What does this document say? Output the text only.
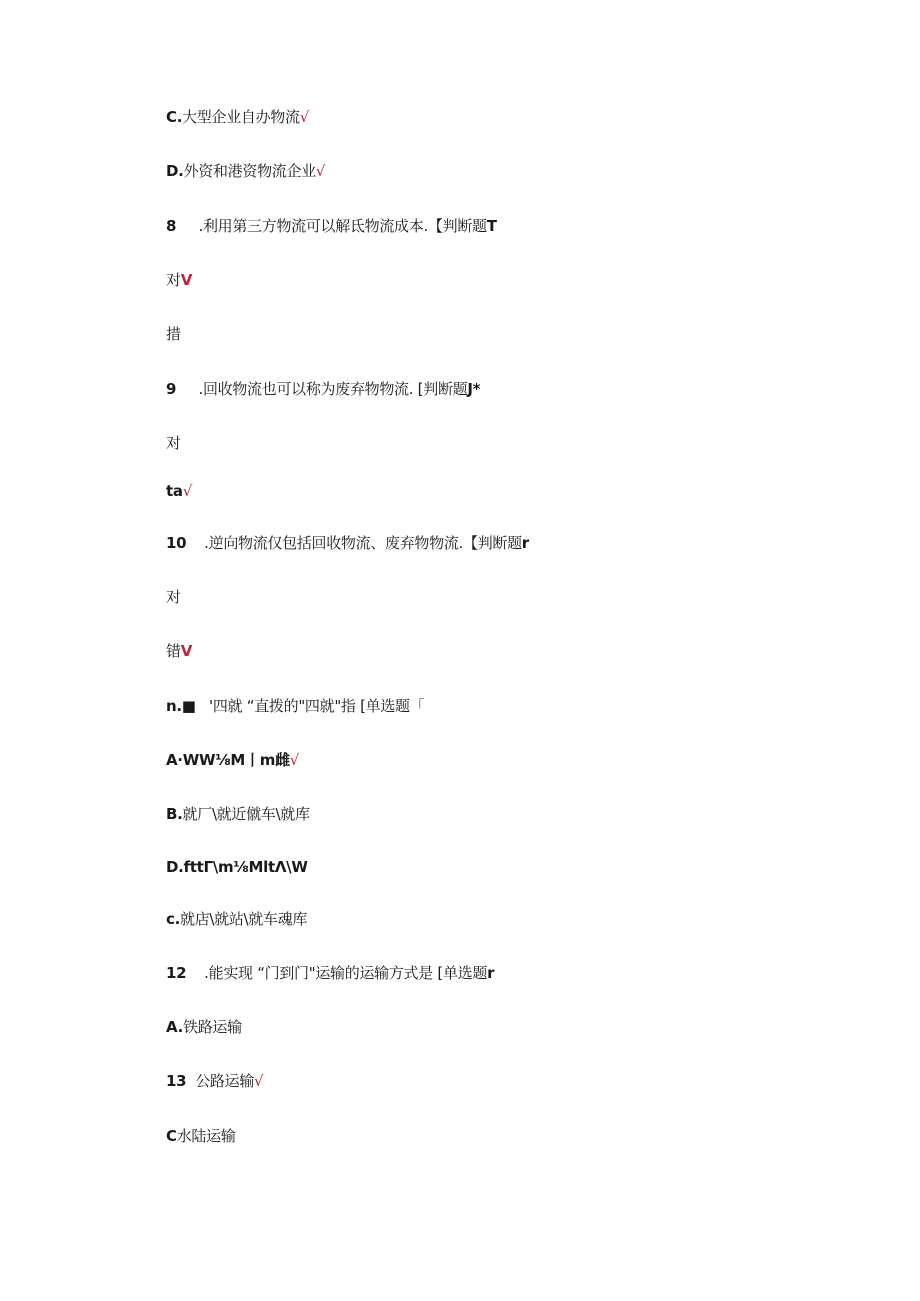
C.大型企业自办物流√
D.外资和港资物流企业√
8     .利用第三方物流可以解氐物流成本.【判断题T
对V
措
9     .回收物流也可以称为废弃物物流. [判断题J*
对
ta√
10    .逆向物流仅包括回收物流、废弃物物流.【判断题r
对
错V
n.■   '四就 “直拨的"四就"指 [单选题「
A·WW⅛M丨m雌√
B.就厂\就近僦车\就库
D.fttΓ\m⅛MltΛ\W
c.就店\就站\就车魂库
12    .能实现 “门到门"运输的运输方式是 [单选题r
A.铁路运输
13  公路运输√
C水陆运输
